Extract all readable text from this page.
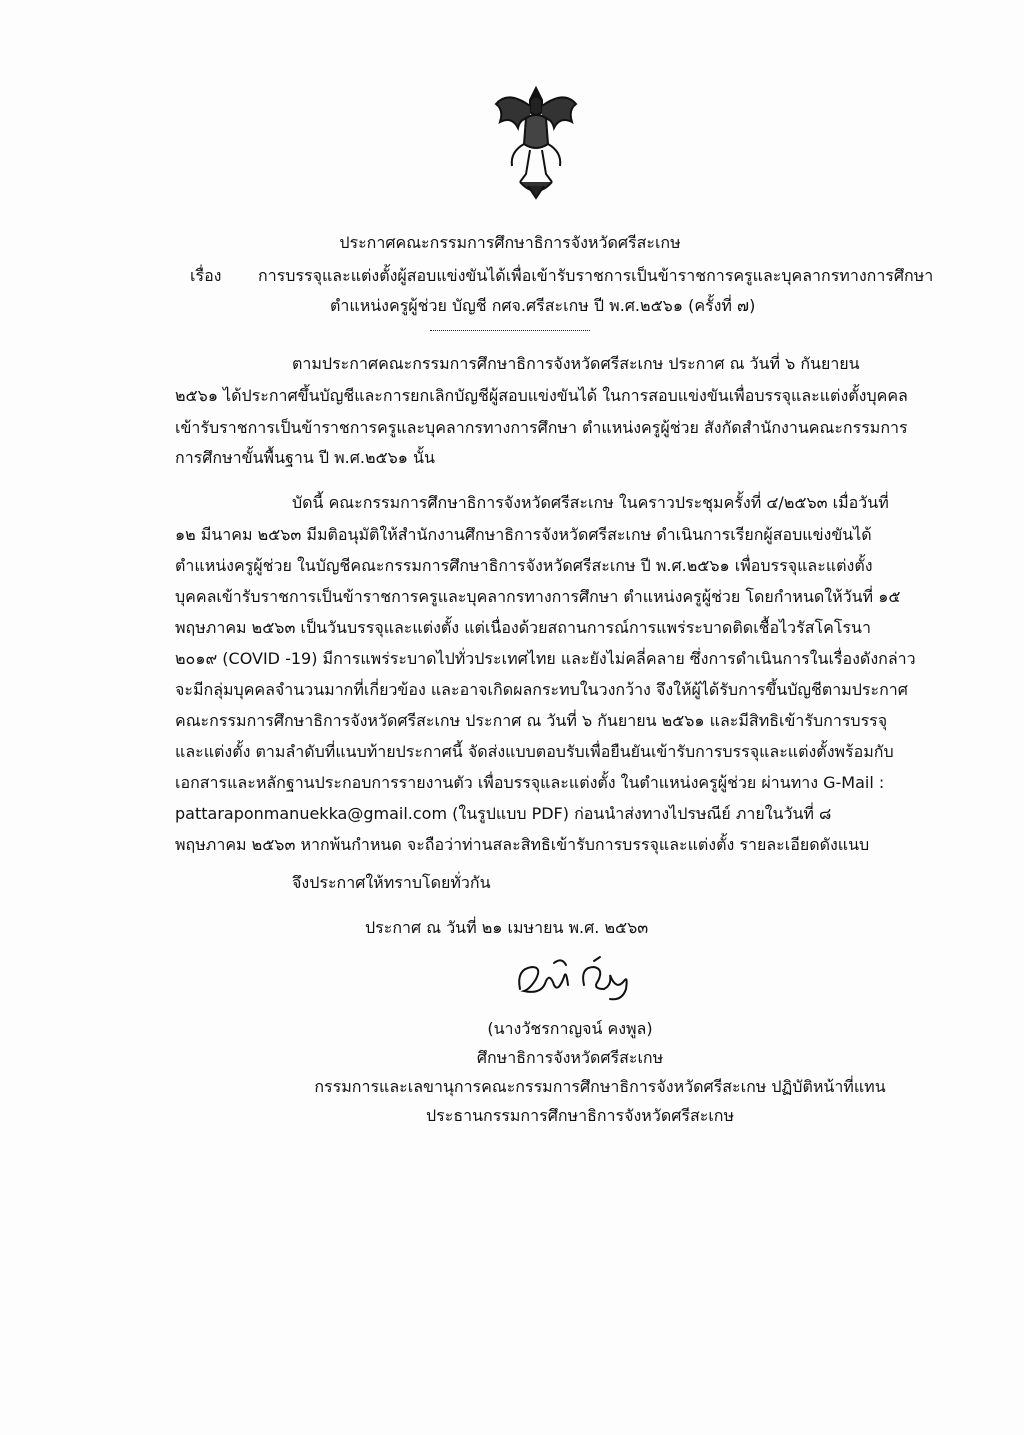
ประกาศคณะกรรมการศึกษาธิการจังหวัดศรีสะเกษ
เรื่อง การบรรจุและแต่งตั้งผู้สอบแข่งขันได้เพื่อเข้ารับราชการเป็นข้าราชการครูและบุคลากรทางการศึกษา
ตำแหน่งครูผู้ช่วย บัญชี กศจ.ศรีสะเกษ ปี พ.ศ.๒๕๖๑ (ครั้งที่ ๗)
ตามประกาศคณะกรรมการศึกษาธิการจังหวัดศรีสะเกษ ประกาศ ณ วันที่ ๖ กันยายน
๒๕๖๑ ได้ประกาศขึ้นบัญชีและการยกเลิกบัญชีผู้สอบแข่งขันได้ ในการสอบแข่งขันเพื่อบรรจุและแต่งตั้งบุคคล
เข้ารับราชการเป็นข้าราชการครูและบุคลากรทางการศึกษา ตำแหน่งครูผู้ช่วย สังกัดสำนักงานคณะกรรมการ
การศึกษาขั้นพื้นฐาน ปี พ.ศ.๒๕๖๑ นั้น
บัดนี้ คณะกรรมการศึกษาธิการจังหวัดศรีสะเกษ ในคราวประชุมครั้งที่ ๔/๒๕๖๓ เมื่อวันที่
๑๒ มีนาคม ๒๕๖๓ มีมติอนุมัติให้สำนักงานศึกษาธิการจังหวัดศรีสะเกษ ดำเนินการเรียกผู้สอบแข่งขันได้
ตำแหน่งครูผู้ช่วย ในบัญชีคณะกรรมการศึกษาธิการจังหวัดศรีสะเกษ ปี พ.ศ.๒๕๖๑ เพื่อบรรจุและแต่งตั้ง
บุคคลเข้ารับราชการเป็นข้าราชการครูและบุคลากรทางการศึกษา ตำแหน่งครูผู้ช่วย โดยกำหนดให้วันที่ ๑๕
พฤษภาคม ๒๕๖๓ เป็นวันบรรจุและแต่งตั้ง แต่เนื่องด้วยสถานการณ์การแพร่ระบาดติดเชื้อไวรัสโคโรนา
๒๐๑๙ (COVID -19) มีการแพร่ระบาดไปทั่วประเทศไทย และยังไม่คลี่คลาย ซึ่งการดำเนินการในเรื่องดังกล่าว
จะมีกลุ่มบุคคลจำนวนมากที่เกี่ยวข้อง และอาจเกิดผลกระทบในวงกว้าง จึงให้ผู้ได้รับการขึ้นบัญชีตามประกาศ
คณะกรรมการศึกษาธิการจังหวัดศรีสะเกษ ประกาศ ณ วันที่ ๖ กันยายน ๒๕๖๑ และมีสิทธิเข้ารับการบรรจุ
และแต่งตั้ง ตามลำดับที่แนบท้ายประกาศนี้ จัดส่งแบบตอบรับเพื่อยืนยันเข้ารับการบรรจุและแต่งตั้งพร้อมกับ
เอกสารและหลักฐานประกอบการรายงานตัว เพื่อบรรจุและแต่งตั้ง ในตำแหน่งครูผู้ช่วย ผ่านทาง G-Mail :
pattaraponmanuekka@gmail.com (ในรูปแบบ PDF) ก่อนนำส่งทางไปรษณีย์ ภายในวันที่ ๘
พฤษภาคม ๒๕๖๓ หากพ้นกำหนด จะถือว่าท่านสละสิทธิเข้ารับการบรรจุและแต่งตั้ง รายละเอียดดังแนบ
จึงประกาศให้ทราบโดยทั่วกัน
ประกาศ ณ วันที่ ๒๑ เมษายน พ.ศ. ๒๕๖๓
(นางวัชรกาญจน์ คงพูล)
ศึกษาธิการจังหวัดศรีสะเกษ
กรรมการและเลขานุการคณะกรรมการศึกษาธิการจังหวัดศรีสะเกษ ปฏิบัติหน้าที่แทน
ประธานกรรมการศึกษาธิการจังหวัดศรีสะเกษ
